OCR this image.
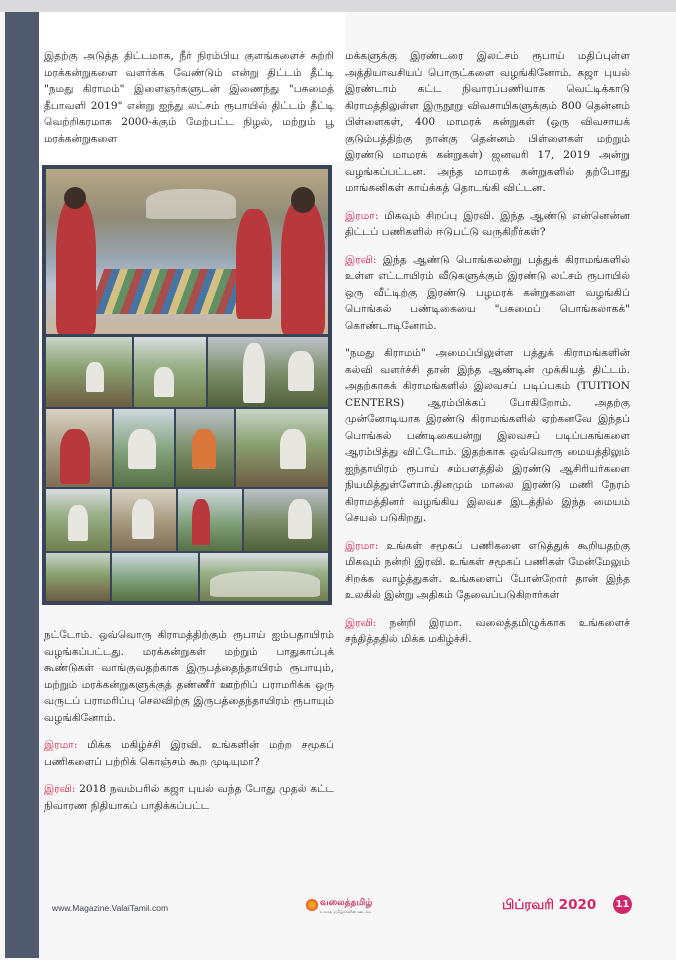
இதற்கு அடுத்த திட்டமாக, நீர் நிரம்பிய குளங்களைச் சுற்றி மரக்கன்றுகளை வளர்க்க வேண்டும் என்று திட்டம் தீட்டி "நமது கிராமம்" இளைஞர்களுடன் இணைந்து "பசுமைத் தீபாவளி 2019" என்று ஐந்து லட்சம் ரூபாயில் திட்டம் தீட்டி வெற்றிகரமாக 2000-க்கும் மேற்பட்ட நிழல், மற்றும் பூ மரக்கன்றுகளை

நட்டோம். ஒவ்வொரு கிராமத்திற்கும் ரூபாய் ஐம்பதாயிரம் வழங்கப்பட்டது. மரக்கன்றுகள் மற்றும் பாதுகாப்புக் கூண்டுகள் வாங்குவதற்காக இருபத்தைந்தாயிரம் ரூபாயும், மற்றும் மரக்கன்றுகளுக்குத் தண்ணீர் ஊற்றிப் பராமரிக்க ஒரு வருடப் பராமரிப்பு செலவிற்கு இருபத்தைந்தாயிரம் ரூபாயும் வழங்கினோம்.

இரமா: மிக்க மகிழ்ச்சி இரவி. உங்களின் மற்ற சமூகப் பணிகளைப் பற்றிக் கொஞ்சம் கூற முடியுமா?

இரவி: 2018 நவம்பரில் கஜா புயல் வந்த போது முதல் கட்ட நிவாரண நிதியாகப் பாதிக்கப்பட்ட

மக்களுக்கு இரண்டரை இலட்சம் ரூபாய் மதிப்புள்ள அத்தியாவசியப் பொருட்களை வழங்கினோம். கஜா புயல் இரண்டாம் கட்ட நிவாரப்பணியாக வெட்டிக்காடு கிராமத்திலுள்ள இருநூறு விவசாயிகளுக்கும் 800 தென்னம் பிள்ளைகள், 400 மாமரக் கன்றுகள் (ஒரு விவசாயக் குடும்பத்திற்கு நான்கு தென்னம் பிள்ளைகள் மற்றும் இரண்டு மாமரக் கன்றுகள்) ஜனவரி 17, 2019 அன்று வழங்கப்பட்டன. அந்த மாமரக் கன்றுகளில் தற்போது மாங்கனிகள் காய்க்கத் தொடங்கி விட்டன.

இரமா: மிகவும் சிறப்பு இரவி. இந்த ஆண்டு என்னென்ன திட்டப் பணிகளில் ஈடுபட்டு வருகிறீர்கள்?

இரவி: இந்த ஆண்டு பொங்கலன்று பத்துக் கிராமங்களில் உள்ள எட்டாயிரம் வீடுகளுக்கும் இரண்டு லட்சம் ரூபாயில் ஒரு வீட்டிற்கு இரண்டு பழமரக் கன்றுகளை வழங்கிப் பொங்கல் பண்டிகையை "பசுமைப் பொங்கலாகக்" கொண்டாடினோம்.

"நமது கிராமம்" அமைப்பிலுள்ள பத்துக் கிராமங்களின் கல்வி வளர்ச்சி தான் இந்த ஆண்டின் முக்கியத் திட்டம். அதற்காகக் கிராமங்களில் இலவசப் படிப்பகம் (TUITION CENTERS) ஆரம்பிக்கப் போகிறோம். அதற்கு முன்னோடியாக இரண்டு கிராமங்களில் ஏற்கனவே இந்தப் பொங்கல் பண்டிகையன்று இலவசப் படிப்பகங்களை ஆரம்பித்து விட்டோம். இதற்காக ஒவ்வொரு மையத்திலும் ஐந்தாயிரம் ரூபாய் சம்பளத்தில் இரண்டு ஆசிரியர்களை நியமித்துள்ளோம்.தினமும் மாலை இரண்டு மணி நேரம் கிராமத்தினர் வழங்கிய இலவச இடத்தில் இந்த மையம் செயல் படுகிறது.

இரமா: உங்கள் சமூகப் பணிகளை எடுத்துக் கூறியதற்கு மிகவும் நன்றி இரவி. உங்கள் சமூகப் பணிகள் மேன்மேலும் சிறக்க வாழ்த்துகள். உங்களைப் போன்றோர் தான் இந்த உலகில் இன்று அதிகம் தேவைப்படுகிறார்கள்

இரவி: நன்றி இரமா. வலைத்தமிழுக்காக உங்களைச் சந்தித்ததில் மிக்க மகிழ்ச்சி.

www.Magazine.ValaiTamil.com	வலைத்தமிழ்
உலகத் தமிழர்களின் ஊடகம்	பிப்ரவரி 2020 11
